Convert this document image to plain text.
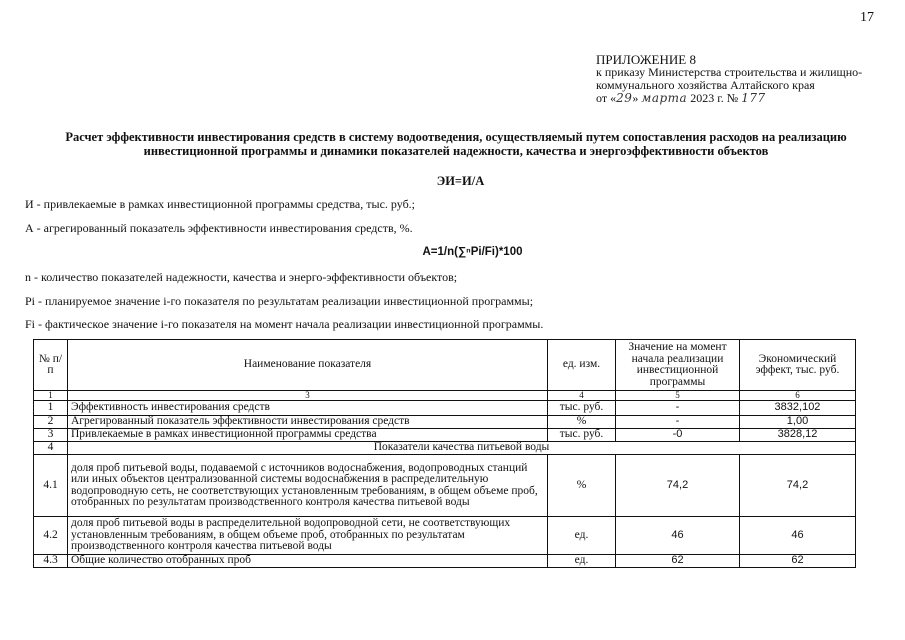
17
ПРИЛОЖЕНИЕ 8
к приказу Министерства строительства и жилищно-
коммунального хозяйства Алтайского края
от «29» марта 2023 г. № 177
Расчет эффективности инвестирования средств в систему водоотведения, осуществляемый путем сопоставления расходов на реализацию
инвестиционной программы и динамики показателей надежности, качества и энергоэффективности объектов
ЭИ=И/А
И - привлекаемые в рамках инвестиционной программы средства, тыс. руб.;
А - агрегированный показатель эффективности инвестирования средств, %.
А=1/n(∑ⁿPi/Fi)*100
n - количество показателей надежности, качества и энерго-эффективности объектов;
Pi - планируемое значение i-го показателя по результатам реализации инвестиционной программы;
Fi - фактическое значение i-го показателя на момент начала реализации инвестиционной программы.
№ п/п	Наименование показателя	ед. изм.	Значение на момент начала реализации инвестиционной программы	Экономический эффект, тыс. руб.
1	3	4	5	6
1	Эффективность инвестирования средств	тыс. руб.	-	3832,102
2	Агрегированный показатель эффективности инвестирования средств	%	-	1,00
3	Привлекаемые в рамках инвестиционной программы средства	тыс. руб.	-0	3828,12
4	Показатели качества питьевой воды			
4.1	доля проб питьевой воды, подаваемой с источников водоснабжения, водопроводных станций или иных объектов централизованной системы водоснабжения в распределительную водопроводную сеть, не соответствующих установленным требованиям, в общем объеме проб, отобранных по результатам производственного контроля качества питьевой воды	%	74,2	74,2
4.2	доля проб питьевой воды в распределительной водопроводной сети, не соответствующих установленным требованиям, в общем объеме проб, отобранных по результатам производственного контроля качества питьевой воды	ед.	46	46
4.3	Общие количество отобранных проб	ед.	62	62
